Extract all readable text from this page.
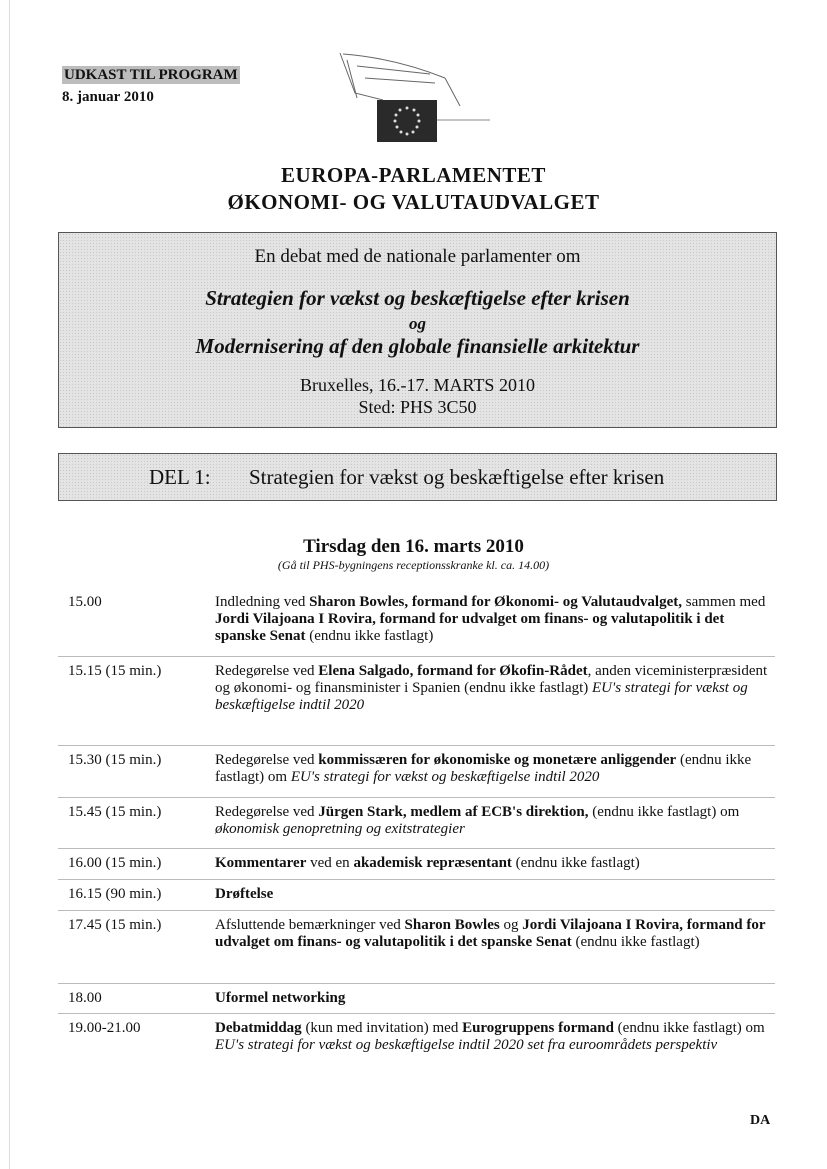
UDKAST TIL PROGRAM
8. januar 2010
EUROPA-PARLAMENTET
ØKONOMI- OG VALUTAUDVALGET
En debat med de nationale parlamenter om
Strategien for vækst og beskæftigelse efter krisen
og
Modernisering af den globale finansielle arkitektur
Bruxelles, 16.-17. MARTS 2010
Sted: PHS 3C50
DEL 1: Strategien for vækst og beskæftigelse efter krisen
Tirsdag den 16. marts 2010
(Gå til PHS-bygningens receptionsskranke kl. ca. 14.00)
15.00	Indledning ved Sharon Bowles, formand for Økonomi- og Valutaudvalget, sammen med Jordi Vilajoana I Rovira, formand for udvalget om finans- og valutapolitik i det spanske Senat (endnu ikke fastlagt)
15.15 (15 min.)	Redegørelse ved Elena Salgado, formand for Økofin-Rådet, anden viceministerpræsident og økonomi- og finansminister i Spanien (endnu ikke fastlagt) EU's strategi for vækst og beskæftigelse indtil 2020
15.30 (15 min.)	Redegørelse ved kommissæren for økonomiske og monetære anliggender (endnu ikke fastlagt) om EU's strategi for vækst og beskæftigelse indtil 2020
15.45 (15 min.)	Redegørelse ved Jürgen Stark, medlem af ECB's direktion, (endnu ikke fastlagt) om økonomisk genopretning og exitstrategier
16.00 (15 min.)	Kommentarer ved en akademisk repræsentant (endnu ikke fastlagt)
16.15 (90 min.)	Drøftelse
17.45 (15 min.)	Afsluttende bemærkninger ved Sharon Bowles og Jordi Vilajoana I Rovira, formand for udvalget om finans- og valutapolitik i det spanske Senat (endnu ikke fastlagt)
18.00	Uformel networking
19.00-21.00	Debatmiddag (kun med invitation) med Eurogruppens formand (endnu ikke fastlagt) om EU's strategi for vækst og beskæftigelse indtil 2020 set fra euroområdets perspektiv
DA
